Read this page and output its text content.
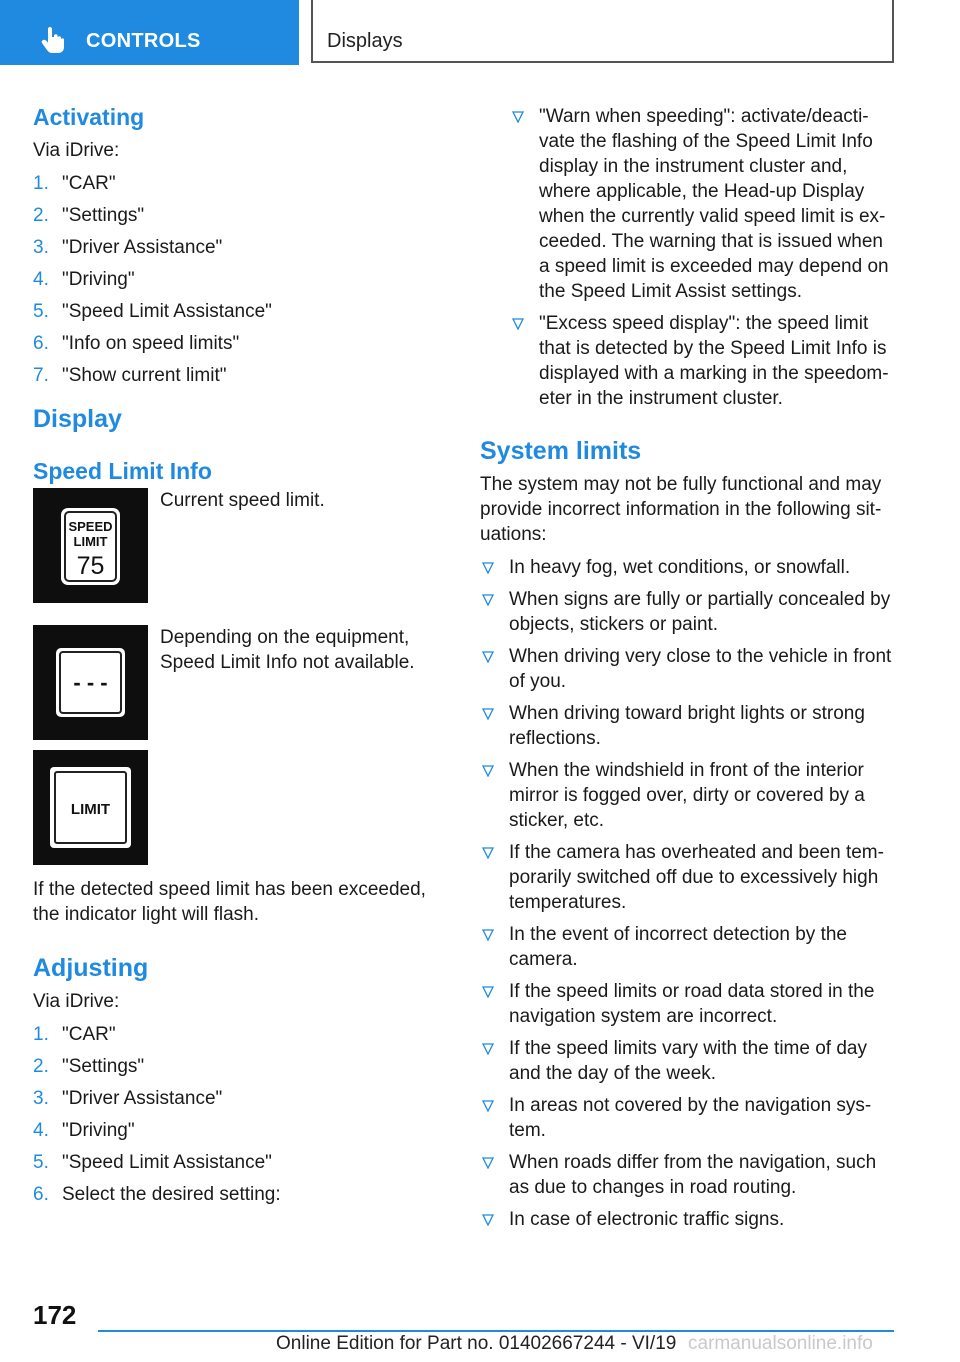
CONTROLS	Displays
Activating

Via iDrive:

1. "CAR"
2. "Settings"
3. "Driver Assistance"
4. "Driving"
5. "Speed Limit Assistance"
6. "Info on speed limits"
7. "Show current limit"
Display
Speed Limit Info
SPEED
LIMIT
75

Current speed limit.

- - -

Depending on the equipment, Speed Limit Info not available.

LIMIT

If the detected speed limit has been exceeded, the indicator light will flash.

Adjusting

Via iDrive:

1. "CAR"
2. "Settings"
3. "Driver Assistance"
4. "Driving"
5. "Speed Limit Assistance"
6. Select the desired setting:
"Warn when speeding": activate/deacti-vate the flashing of the Speed Limit Info display in the instrument cluster and, where applicable, the Head-up Display when the currently valid speed limit is ex-ceeded. The warning that is issued when a speed limit is exceeded may depend on the Speed Limit Assist settings.
"Excess speed display": the speed limit that is detected by the Speed Limit Info is displayed with a marking in the speedom-eter in the instrument cluster.
System limits

The system may not be fully functional and may provide incorrect information in the following sit-uations:

In heavy fog, wet conditions, or snowfall.
When signs are fully or partially concealed by objects, stickers or paint.
When driving very close to the vehicle in front of you.
When driving toward bright lights or strong reflections.
When the windshield in front of the interior mirror is fogged over, dirty or covered by a sticker, etc.
If the camera has overheated and been tem-porarily switched off due to excessively high temperatures.
In the event of incorrect detection by the camera.
If the speed limits or road data stored in the navigation system are incorrect.
If the speed limits vary with the time of day and the day of the week.
In areas not covered by the navigation sys-tem.
When roads differ from the navigation, such as due to changes in road routing.
In case of electronic traffic signs.
172
Online Edition for Part no. 01402667244 - VI/19 carmanualsonline.info
